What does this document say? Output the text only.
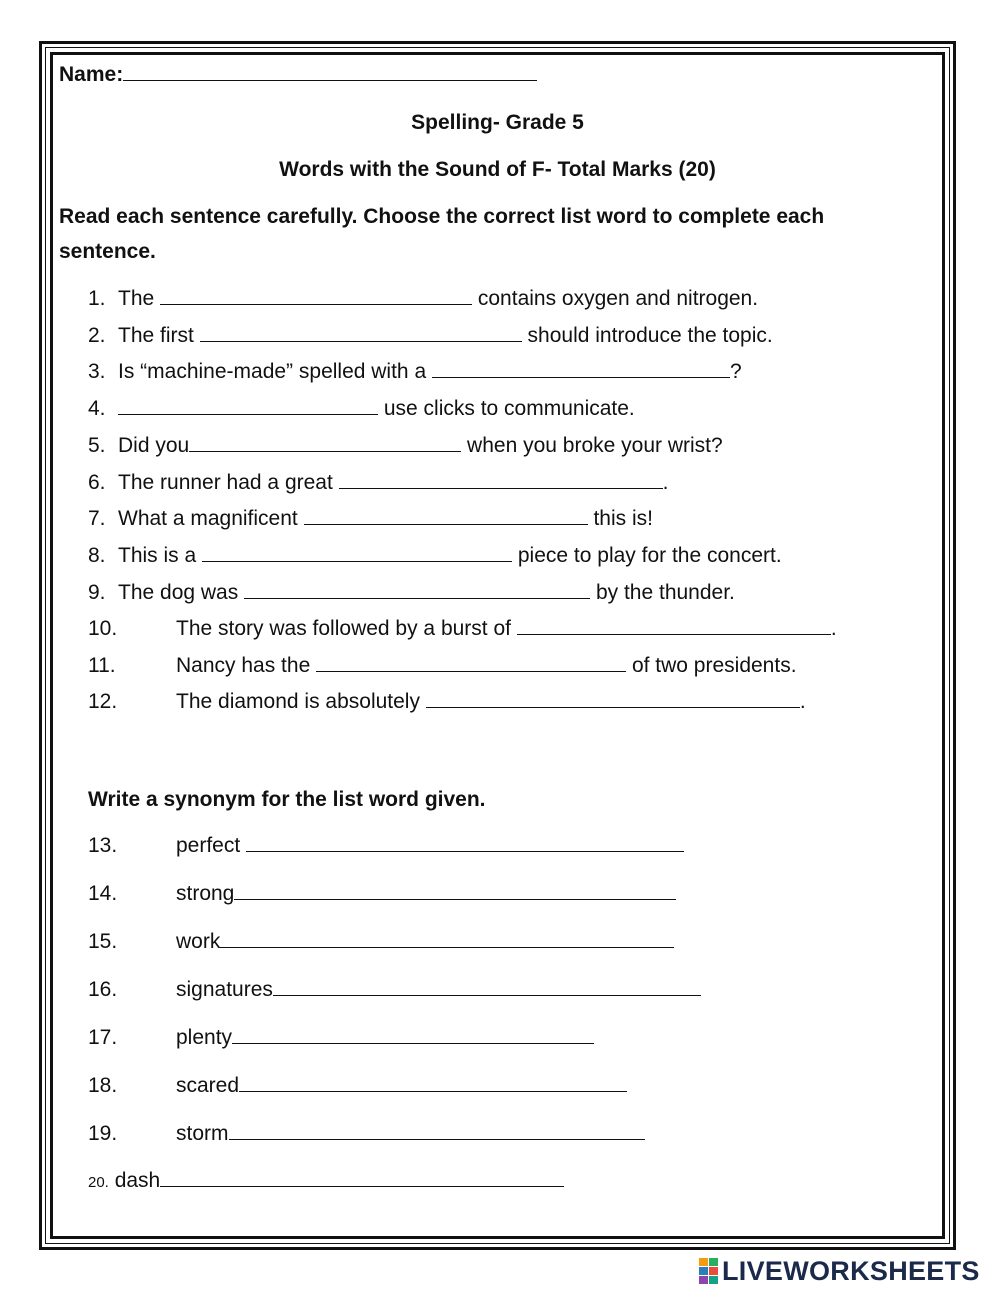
Name:
Spelling- Grade 5
Words with the Sound of F- Total Marks (20)
Read each sentence carefully. Choose the correct list word to complete each
sentence.
1. The	contains oxygen and nitrogen.
2. The first	should introduce the topic.
3. Is “machine-made” spelled with a	?
4.	use clicks to communicate.
5. Did you	when you broke your wrist?
6. The runner had a great	.
7. What a magnificent	this is!
8. This is a	piece to play for the concert.
9. The dog was	by the thunder.
10.	The story was followed by a burst of	.
11.	Nancy has the	of two presidents.
12.	The diamond is absolutely	.
Write a synonym for the list word given.
13.	perfect
14.	strong
15.	work
16.	signatures
17.	plenty
18.	scared
19.	storm
20. dash
LIVEWORKSHEETS
